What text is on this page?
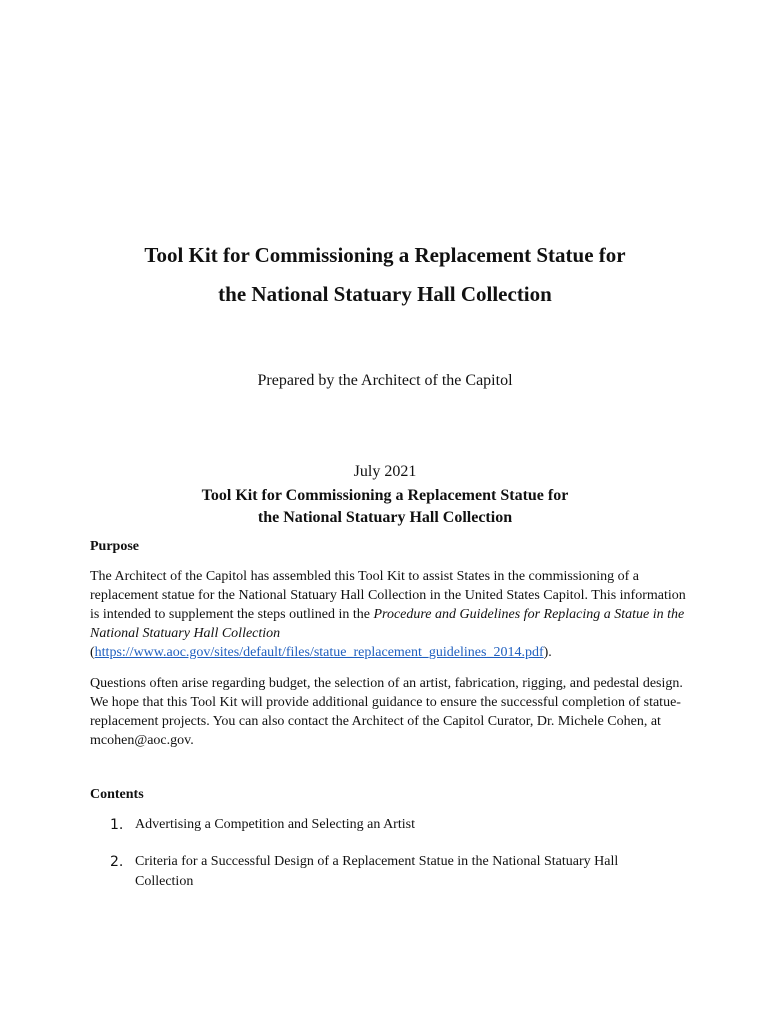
Tool Kit for Commissioning a Replacement Statue for
the National Statuary Hall Collection
Prepared by the Architect of the Capitol
July 2021
Tool Kit for Commissioning a Replacement Statue for
the National Statuary Hall Collection
Purpose
The Architect of the Capitol has assembled this Tool Kit to assist States in the commissioning of a replacement statue for the National Statuary Hall Collection in the United States Capitol. This information is intended to supplement the steps outlined in the Procedure and Guidelines for Replacing a Statue in the National Statuary Hall Collection (https://www.aoc.gov/sites/default/files/statue_replacement_guidelines_2014.pdf).
Questions often arise regarding budget, the selection of an artist, fabrication, rigging, and pedestal design. We hope that this Tool Kit will provide additional guidance to ensure the successful completion of statue-replacement projects. You can also contact the Architect of the Capitol Curator, Dr. Michele Cohen, at mcohen@aoc.gov.
Contents
1. Advertising a Competition and Selecting an Artist
2. Criteria for a Successful Design of a Replacement Statue in the National Statuary Hall Collection
